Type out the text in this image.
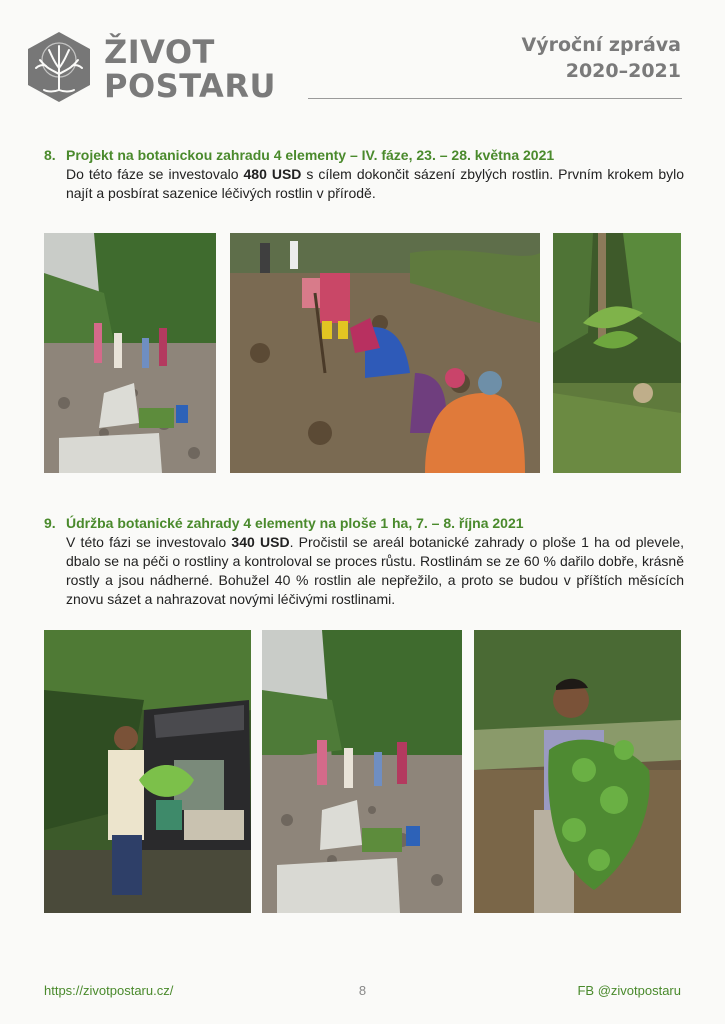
ŽIVOT
POSTARU
Výroční zpráva
2020–2021
8. Projekt na botanickou zahradu 4 elementy – IV. fáze, 23. – 28. května 2021
Do této fáze se investovalo 480 USD s cílem dokončit sázení zbylých rostlin. Prvním krokem bylo najít a posbírat sazenice léčivých rostlin v přírodě.
9. Údržba botanické zahrady 4 elementy na ploše 1 ha, 7. – 8. října 2021
V této fázi se investovalo 340 USD. Pročistil se areál botanické zahrady o ploše 1 ha od plevele, dbalo se na péči o rostliny a kontroloval se proces růstu. Rostlinám se ze 60 % dařilo dobře, krásně rostly a jsou nádherné. Bohužel 40 % rostlin ale nepřežilo, a proto se budou v příštích měsících znovu sázet a nahrazovat novými léčivými rostlinami.
https://zivotpostaru.cz/	8	FB @zivotpostaru
